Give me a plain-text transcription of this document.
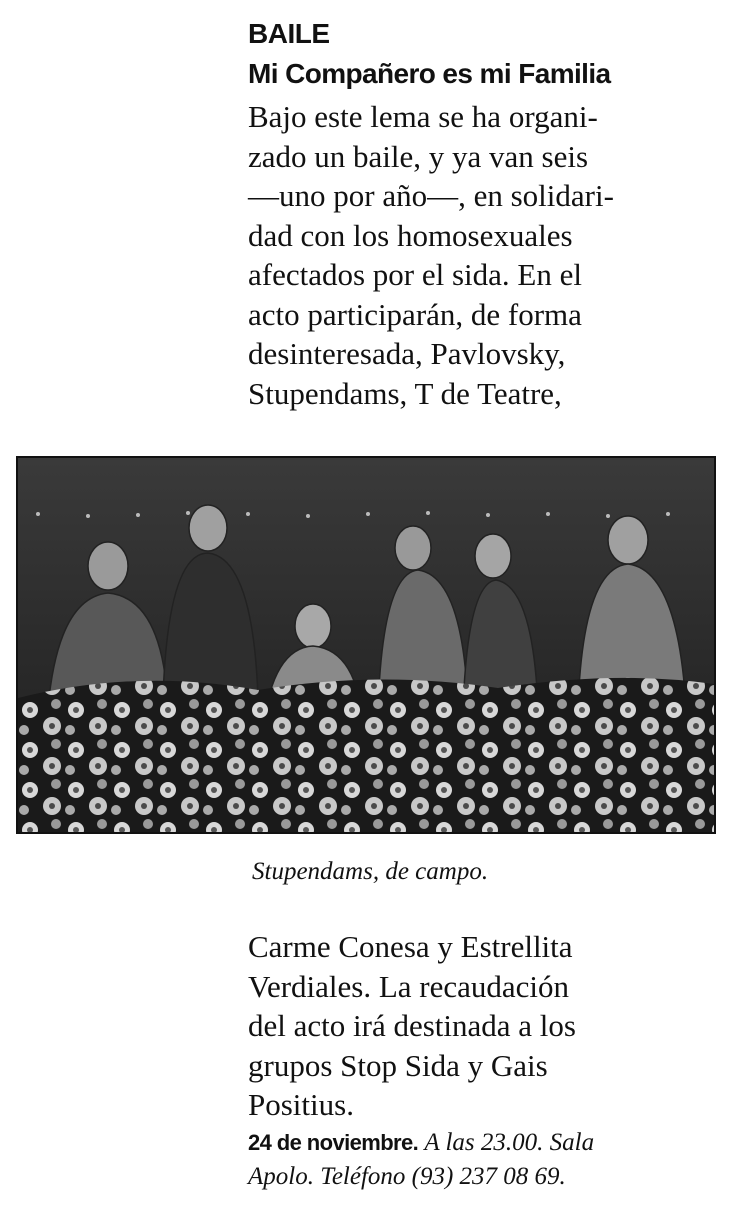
BAILE
Mi Compañero es mi Familia

Bajo este lema se ha organi-
zado un baile, y ya van seis
—uno por año—, en solidari-
dad con los homosexuales
afectados por el sida. En el
acto participarán, de forma
desinteresada, Pavlovsky,
Stupendams, T de Teatre,

Stupendams, de campo.

Carme Conesa y Estrellita
Verdiales. La recaudación
del acto irá destinada a los
grupos Stop Sida y Gais
Positius.

24 de noviembre. A las 23.00. Sala
Apolo. Teléfono (93) 237 08 69.
